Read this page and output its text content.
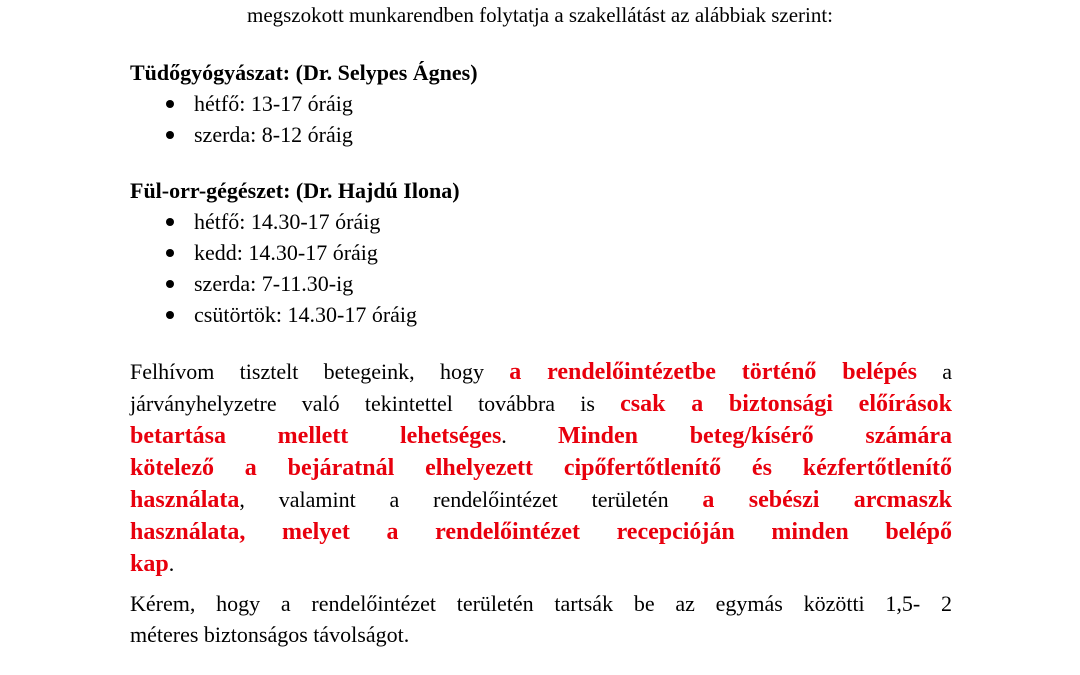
megszokott munkarendben folytatja a szakellátást az alábbiak szerint:
Tüdőgyógyászat: (Dr. Selypes Ágnes)
hétfő: 13-17 óráig
szerda: 8-12 óráig
Fül-orr-gégészet: (Dr. Hajdú Ilona)
hétfő: 14.30-17 óráig
kedd: 14.30-17 óráig
szerda: 7-11.30-ig
csütörtök: 14.30-17 óráig
Felhívom tisztelt betegeink, hogy a rendelőintézetbe történő belépés a
járványhelyzetre való tekintettel továbbra is csak a biztonsági előírások
betartása mellett lehetséges. Minden beteg/kísérő számára
kötelező a bejáratnál elhelyezett cipőfertőtlenítő és kézfertőtlenítő
használata, valamint a rendelőintézet területén a sebészi arcmaszk
használata, melyet a rendelőintézet recepcióján minden belépő
kap.
Kérem, hogy a rendelőintézet területén tartsák be az egymás közötti 1,5- 2
méteres biztonságos távolságot.
